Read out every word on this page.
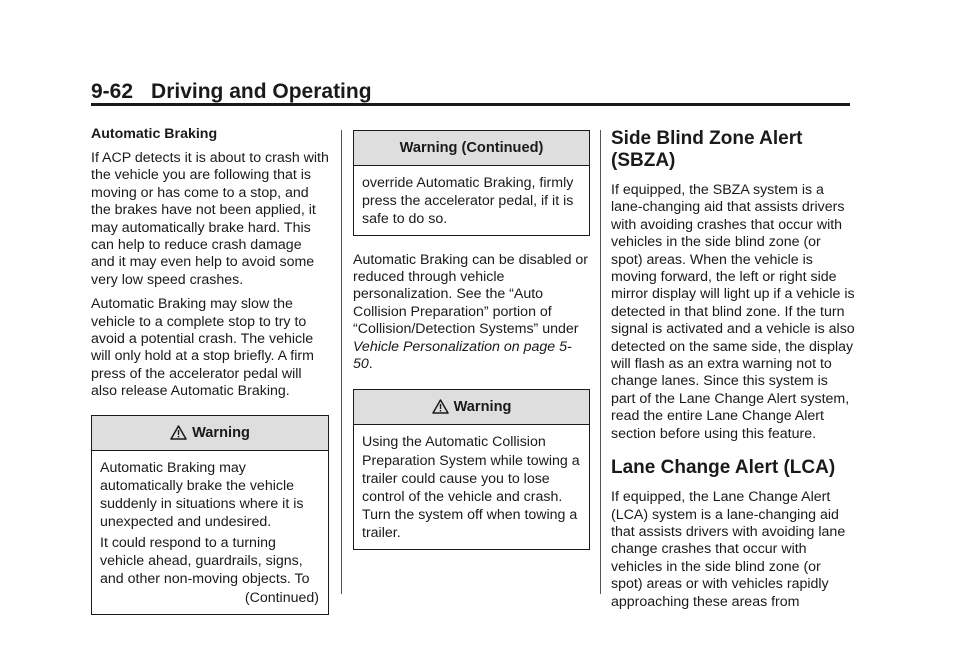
9-62 Driving and Operating
Automatic Braking

If ACP detects it is about to crash with the vehicle you are following that is moving or has come to a stop, and the brakes have not been applied, it may automatically brake hard. This can help to reduce crash damage and it may even help to avoid some very low speed crashes.

Automatic Braking may slow the vehicle to a complete stop to try to avoid a potential crash. The vehicle will only hold at a stop briefly. A firm press of the accelerator pedal will also release Automatic Braking.

Warning

Automatic Braking may automatically brake the vehicle suddenly in situations where it is unexpected and undesired.

It could respond to a turning vehicle ahead, guardrails, signs, and other non-moving objects. To

(Continued)
Warning (Continued)

override Automatic Braking, firmly press the accelerator pedal, if it is safe to do so.

Automatic Braking can be disabled or reduced through vehicle personalization. See the “Auto Collision Preparation” portion of “Collision/Detection Systems” under Vehicle Personalization on page 5-50.

Warning

Using the Automatic Collision Preparation System while towing a trailer could cause you to lose control of the vehicle and crash. Turn the system off when towing a trailer.

Side Blind Zone Alert (SBZA)

If equipped, the SBZA system is a lane-changing aid that assists drivers with avoiding crashes that occur with vehicles in the side blind zone (or spot) areas. When the vehicle is moving forward, the left or right side mirror display will light up if a vehicle is detected in that blind zone. If the turn signal is activated and a vehicle is also detected on the same side, the display will flash as an extra warning not to change lanes. Since this system is part of the Lane Change Alert system, read the entire Lane Change Alert section before using this feature.

Lane Change Alert (LCA)

If equipped, the Lane Change Alert (LCA) system is a lane-changing aid that assists drivers with avoiding lane change crashes that occur with vehicles in the side blind zone (or spot) areas or with vehicles rapidly approaching these areas from
